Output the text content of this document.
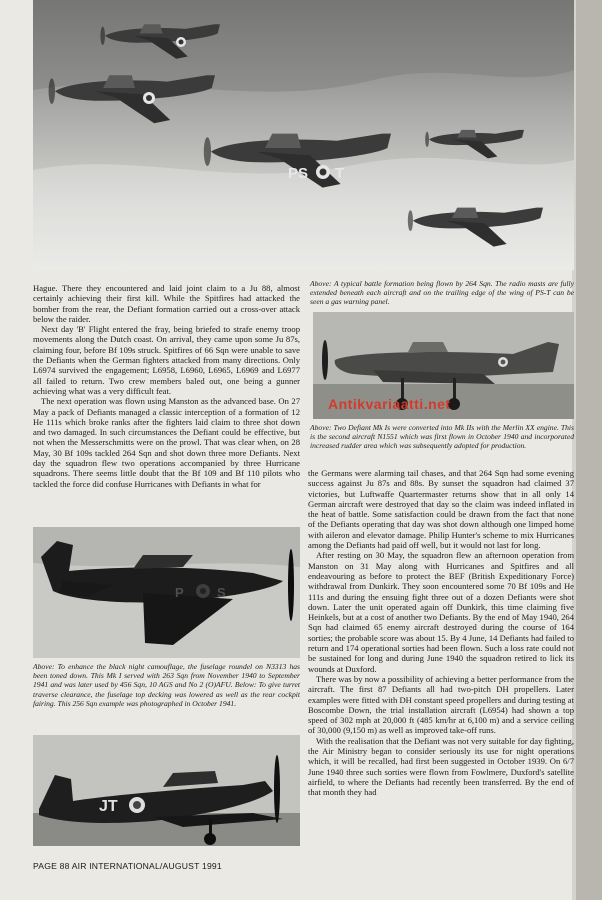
PS T

Hague. There they encountered and laid joint claim to a Ju 88, almost certainly achieving their first kill. While the Spitfires had attacked the bomber from the rear, the Defiant formation carried out a cross-over attack below the raider.

Next day 'B' Flight entered the fray, being briefed to strafe enemy troop movements along the Dutch coast. On arrival, they came upon some Ju 87s, claiming four, before Bf 109s struck. Spitfires of 66 Sqn were unable to save the Defiants when the German fighters attacked from many directions. Only L6974 survived the engagement; L6958, L6960, L6965, L6969 and L6977 all failed to return. Two crew members baled out, one being a gunner achieving what was a very difficult feat.

The next operation was flown using Manston as the advanced base. On 27 May a pack of Defiants managed a classic interception of a formation of 12 He 111s which broke ranks after the fighters laid claim to three shot down and two damaged. In such circumstances the Defiant could be effective, but not when the Messerschmitts were on the prowl. That was clear when, on 28 May, 30 Bf 109s tackled 264 Sqn and shot down three more Defiants. Next day the squadron flew two operations accompanied by three Hurricane squadrons. There seems little doubt that the Bf 109 and Bf 110 pilots who tackled the force did confuse Hurricanes with Defiants in what for

Above: A typical battle formation being flown by 264 Sqn. The radio masts are fully extended beneath each aircraft and on the trailing edge of the wing of PS-T can be seen a gas warning panel.
Antikvariaatti.net
Above: Two Defiant Mk Is were converted into Mk IIs with the Merlin XX engine. This is the second aircraft N1551 which was first flown in October 1940 and incorporated increased rudder area which was subsequently adopted for production.

the Germans were alarming tail chases, and that 264 Sqn had some evening success against Ju 87s and 88s. By sunset the squadron had claimed 37 victories, but Luftwaffe Quartermaster returns show that in all only 14 German aircraft were destroyed that day so the claim was indeed inflated in the heat of battle. Some satisfaction could be drawn from the fact that none of the Defiants operating that day was shot down although one limped home with aileron and elevator damage. Philip Hunter's scheme to mix Hurricanes among the Defiants had paid off well, but it would not last for long.

After resting on 30 May, the squadron flew an afternoon operation from Manston on 31 May along with Hurricanes and Spitfires and all endeavouring as before to protect the BEF (British Expeditionary Force) withdrawal from Dunkirk. They soon encountered some 70 Bf 109s and He 111s and during the ensuing fight three out of a dozen Defiants were shot down. Later the unit operated again off Dunkirk, this time claiming five Heinkels, but at a cost of another two Defiants. By the end of May 1940, 264 Sqn had claimed 65 enemy aircraft destroyed during the course of 164 sorties; the probable score was about 15. By 4 June, 14 Defiants had failed to return and 174 operational sorties had been flown. Such a loss rate could not be sustained for long and during June 1940 the squadron retired to lick its wounds at Duxford.

There was by now a possibility of achieving a better performance from the aircraft. The first 87 Defiants all had two-pitch DH propellers. Later examples were fitted with DH constant speed propellers and during testing at Boscombe Down, the trial installation aircraft (L6954) had shown a top speed of 302 mph at 20,000 ft (485 km/hr at 6,100 m) and a service ceiling of 30,000 (9,150 m) as well as improved take-off runs.

With the realisation that the Defiant was not very suitable for day fighting, the Air Ministry began to consider seriously its use for night operations which, it will be recalled, had first been suggested in October 1939. On 6/7 June 1940 three such sorties were flown from Fowlmere, Duxford's satellite airfield, to where the Defiants had recently been transferred. By the end of that month they had

P	S
Above: To enhance the black night camouflage, the fuselage roundel on N3313 has been toned down. This Mk I served with 263 Sqn from November 1940 to September 1941 and was later used by 456 Sqn, 10 AGS and No 2 (O)AFU. Below: To give turret traverse clearance, the fuselage top decking was lowered as well as the rear cockpit fairing. This 256 Sqn example was photographed in October 1941.
JT
PAGE 88 AIR INTERNATIONAL/AUGUST 1991
